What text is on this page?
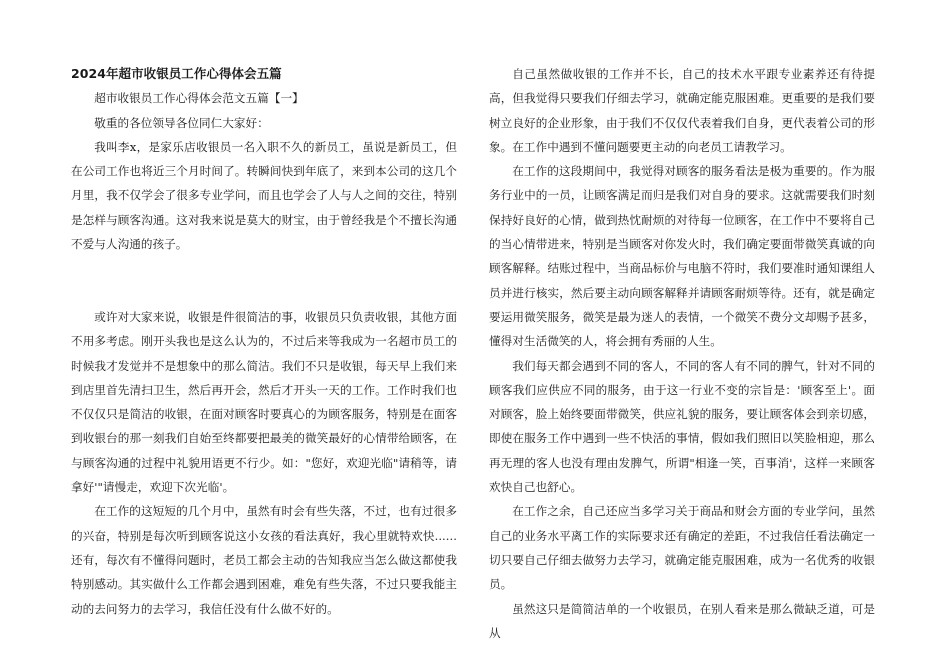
2024年超市收银员工作心得体会五篇

超市收银员工作心得体会范文五篇【一】

敬重的各位领导各位同仁大家好：

我叫李x，是家乐店收银员一名入职不久的新员工，虽说是新员工，但在公司工作也将近三个月时间了。转瞬间快到年底了，来到本公司的这几个月里，我不仅学会了很多专业学问，而且也学会了人与人之间的交往，特别是怎样与顾客沟通。这对我来说是莫大的财宝，由于曾经我是个不擅长沟通不爱与人沟通的孩子。

或许对大家来说，收银是件很简洁的事，收银员只负责收银，其他方面不用多考虑。刚开头我也是这么认为的，不过后来等我成为一名超市员工的时候我才发觉并不是想象中的那么简洁。我们不只是收银，每天早上我们来到店里首先清扫卫生，然后再开会，然后才开头一天的工作。工作时我们也不仅仅只是简洁的收银，在面对顾客时要真心的为顾客服务，特别是在面客到收银台的那一刻我们自始至终都要把最美的微笑最好的心情带给顾客，在与顾客沟通的过程中礼貌用语更不行少。如："您好，欢迎光临"请稍等，请拿好'"请慢走，欢迎下次光临'。

在工作的这短短的几个月中，虽然有时会有些失落，不过，也有过很多的兴奋，特别是每次听到顾客说这小女孩的看法真好，我心里就特欢快......还有，每次有不懂得问题时，老员工都会主动的告知我应当怎么做这都使我特别感动。其实做什么工作都会遇到困难，难免有些失落，不过只要我能主动的去问努力的去学习，我信任没有什么做不好的。

自己虽然做收银的工作并不长，自己的技术水平跟专业素养还有待提高，但我觉得只要我们仔细去学习，就确定能克服困难。更重要的是我们要树立良好的企业形象，由于我们不仅仅代表着我们自身，更代表着公司的形象。在工作中遇到不懂问题要更主动的向老员工请教学习。

在工作的这段期间中，我觉得对顾客的服务看法是极为重要的。作为服务行业中的一员，让顾客满足而归是我们对自身的要求。这就需要我们时刻保持好良好的心情，做到热忱耐烦的对待每一位顾客，在工作中不要将自己的当心情带进来，特别是当顾客对你发火时，我们确定要面带微笑真诚的向顾客解释。结账过程中，当商品标价与电脑不符时，我们要准时通知课组人员并进行核实，然后要主动向顾客解释并请顾客耐烦等待。还有，就是确定要运用微笑服务，微笑是最为迷人的表情，一个微笑不费分文却赐予甚多，懂得对生活微笑的人，将会拥有秀丽的人生。

我们每天都会遇到不同的客人，不同的客人有不同的脾气，针对不同的顾客我们应供应不同的服务，由于这一行业不变的宗旨是：'顾客至上'。面对顾客，脸上始终要面带微笑，供应礼貌的服务，要让顾客体会到亲切感，即使在服务工作中遇到一些不快活的事情，假如我们照旧以笑脸相迎，那么再无理的客人也没有理由发脾气，所谓"相逢一笑，百事消'，这样一来顾客欢快自己也舒心。

在工作之余，自己还应当多学习关于商品和财会方面的专业学问，虽然自己的业务水平离工作的实际要求还有确定的差距，不过我信任看法确定一切只要自己仔细去做努力去学习，就确定能克服困难，成为一名优秀的收银员。

虽然这只是简简洁单的一个收银员，在别人看来是那么微缺乏道，可是从
